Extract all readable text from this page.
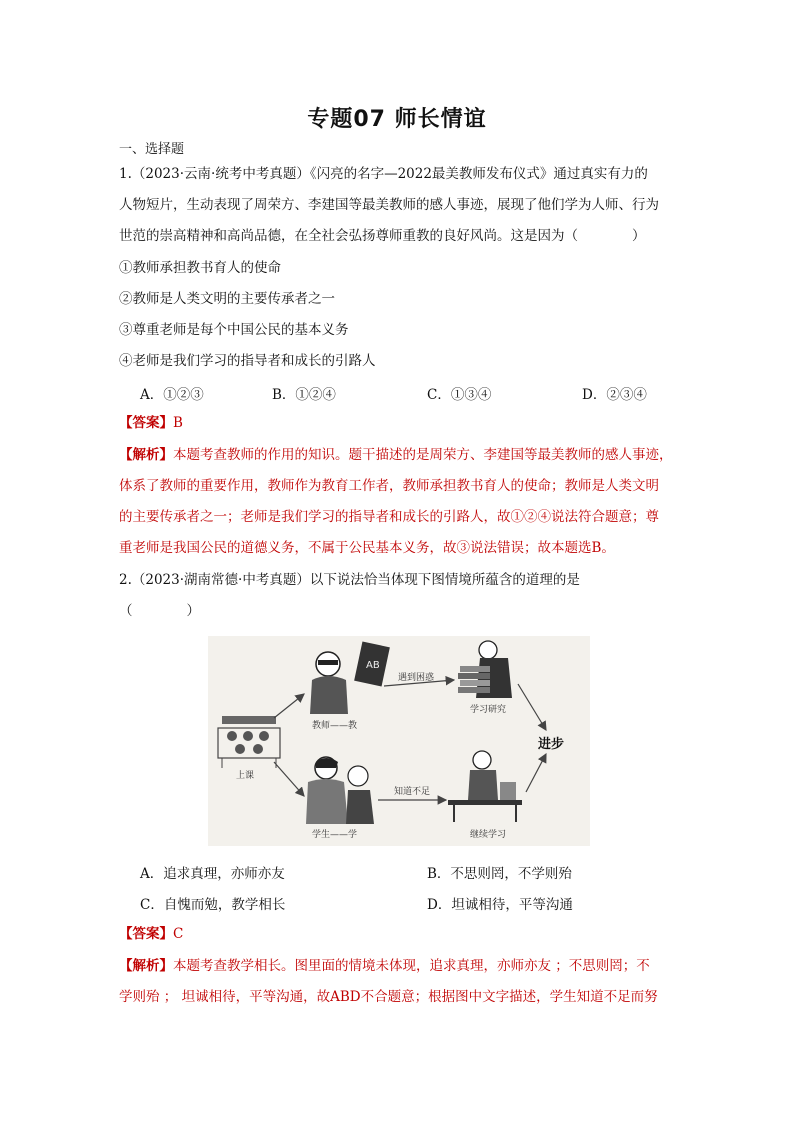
专题07 师长情谊
一、选择题
1.（2023·云南·统考中考真题）《闪亮的名字—2022最美教师发布仪式》通过真实有力的
人物短片，生动表现了周荣方、李建国等最美教师的感人事迹，展现了他们学为人师、行为
世范的崇高精神和高尚品德，在全社会弘扬尊师重教的良好风尚。这是因为（　　　　）
①教师承担教书育人的使命
②教师是人类文明的主要传承者之一
③尊重老师是每个中国公民的基本义务
④老师是我们学习的指导者和成长的引路人
A．①②③	B．①②④	C．①③④	D．②③④
【答案】B
【解析】本题考查教师的作用的知识。题干描述的是周荣方、李建国等最美教师的感人事迹，
体系了教师的重要作用，教师作为教育工作者，教师承担教书育人的使命；教师是人类文明
的主要传承者之一；老师是我们学习的指导者和成长的引路人，故①②④说法符合题意；尊
重老师是我国公民的道德义务，不属于公民基本义务，故③说法错误；故本题选B。
2.（2023·湖南常德·中考真题）以下说法恰当体现下图情境所蕴含的道理的是
（　　　　）
上课
AB
教师——教
学生——学
学习研究
继续学习
遇到困惑
知道不足
进步
A．追求真理，亦师亦友	B．不思则罔，不学则殆
C．自愧而勉，教学相长	D．坦诚相待，平等沟通
【答案】C
【解析】本题考查教学相长。图里面的情境未体现，追求真理，亦师亦友 ；不思则罔；不
学则殆 ； 坦诚相待，平等沟通，故ABD不合题意；根据图中文字描述，学生知道不足而努
